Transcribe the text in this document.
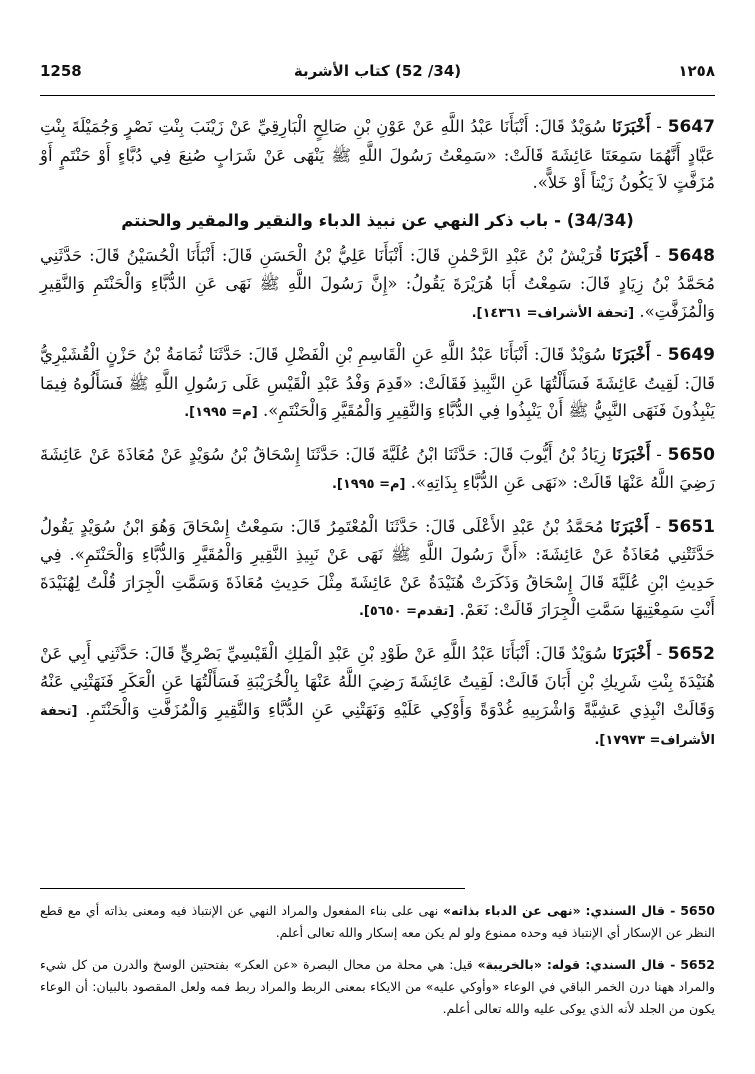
1258	(34/ 52) كتاب الأشربة	١٢٥٨

5647 - أَخْبَرَنَا سُوَيْدٌ قَالَ: أَنْبَأَنَا عَبْدُ اللَّهِ عَنْ عَوْنِ بْنِ صَالِحٍ الْبَارِقِيِّ عَنْ زَيْنَبَ بِنْتِ نَصْرٍ وَجُمَيْلَةَ بِنْتِ عَبَّادٍ أَنَّهُمَا سَمِعَتَا عَائِشَةَ قَالَتْ: «سَمِعْتُ رَسُولَ اللَّهِ ﷺ يَنْهَى عَنْ شَرَابٍ صُنِعَ فِي دُبَّاءٍ أَوْ حَنْتَمٍ أَوْ مُزَفَّتٍ لاَ يَكُونُ زَيْتاً أَوْ خَلاًّ».

(34/34) - باب ذكر النهي عن نبيذ الدباء والنقير والمقير والحنتم

5648 - أَخْبَرَنَا قُرَيْشُ بْنُ عَبْدِ الرَّحْمٰنِ قَالَ: أَنْبَأَنَا عَلِيُّ بْنُ الْحَسَنِ قَالَ: أَنْبَأَنَا الْحُسَيْنُ قَالَ: حَدَّثَنِي مُحَمَّدُ بْنُ زِيَادٍ قَالَ: سَمِعْتُ أَبَا هُرَيْرَةَ يَقُولُ: «إِنَّ رَسُولَ اللَّهِ ﷺ نَهَى عَنِ الدُّبَّاءِ وَالْحَنْتَمِ وَالنَّقِيرِ وَالْمُزَفَّتِ». [تحفة الأشراف= ١٤٣٦١].

5649 - أَخْبَرَنَا سُوَيْدٌ قَالَ: أَنْبَأَنَا عَبْدُ اللَّهِ عَنِ الْقَاسِمِ بْنِ الْفَضْلِ قَالَ: حَدَّثَنَا ثُمَامَةُ بْنُ حَزْنٍ الْقُشَيْرِيُّ قَالَ: لَقِيتُ عَائِشَةَ فَسَأَلْتُهَا عَنِ النَّبِيذِ فَقَالَتْ: «قَدِمَ وَفْدُ عَبْدِ الْقَيْسِ عَلَى رَسُولِ اللَّهِ ﷺ فَسَأَلُوهُ فِيمَا يَنْبِذُونَ فَنَهَى النَّبِيُّ ﷺ أَنْ يَنْبِذُوا فِي الدُّبَّاءِ وَالنَّقِيرِ وَالْمُقَيَّرِ وَالْحَنْتَمِ». [م= ١٩٩٥].

5650 - أَخْبَرَنَا زِيَادُ بْنُ أَيُّوبَ قَالَ: حَدَّثَنَا ابْنُ عُلَيَّةَ قَالَ: حَدَّثَنَا إِسْحَاقُ بْنُ سُوَيْدٍ عَنْ مُعَاذَةَ عَنْ عَائِشَةَ رَضِيَ اللَّهُ عَنْهَا قَالَتْ: «نَهَى عَنِ الدُّبَّاءِ بِذَاتِهِ». [م= ١٩٩٥].

5651 - أَخْبَرَنَا مُحَمَّدُ بْنُ عَبْدِ الأَعْلَى قَالَ: حَدَّثَنَا الْمُعْتَمِرُ قَالَ: سَمِعْتُ إِسْحَاقَ وَهُوَ ابْنُ سُوَيْدٍ يَقُولُ حَدَّثَتْنِي مُعَاذَةُ عَنْ عَائِشَةَ: «أَنَّ رَسُولَ اللَّهِ ﷺ نَهَى عَنْ نَبِيذِ النَّقِيرِ وَالْمُقَيَّرِ وَالدُّبَّاءِ وَالْحَنْتَمِ». فِي حَدِيثِ ابْنِ عُلَيَّةَ قَالَ إِسْحَاقُ وَذَكَرَتْ هُنَيْدَةُ عَنْ عَائِشَةَ مِثْلَ حَدِيثِ مُعَاذَةَ وَسَمَّتِ الْجِرَارَ قُلْتُ لِهُنَيْدَةَ أَنْتِ سَمِعْتِيهَا سَمَّتِ الْجِرَارَ قَالَتْ: نَعَمْ. [تقدم= ٥٦٥٠].

5652 - أَخْبَرَنَا سُوَيْدٌ قَالَ: أَنْبَأَنَا عَبْدُ اللَّهِ عَنْ طَوْدِ بْنِ عَبْدِ الْمَلِكِ الْقَيْسِيِّ بَصْرِيٍّ قَالَ: حَدَّثَنِي أَبِي عَنْ هُنَيْدَةَ بِنْتِ شَرِيكِ بْنِ أَبَانَ قَالَتْ: لَقِيتُ عَائِشَةَ رَضِيَ اللَّهُ عَنْهَا بِالْخُرَيْبَةِ فَسَأَلْتُهَا عَنِ الْعَكَرِ فَنَهَتْنِي عَنْهُ وَقَالَتْ انْبِذِي عَشِيَّةً وَاشْرَبِيهِ غُدْوَةً وَأَوْكِي عَلَيْهِ وَنَهَتْنِي عَنِ الدُّبَّاءِ وَالنَّقِيرِ وَالْمُزَفَّتِ وَالْحَنْتَمِ. [تحفة الأشراف= ١٧٩٧٣].

5650 - قال السندي: «نهى عن الدباء بذاته» نهى على بناء المفعول والمراد النهي عن الإنتباذ فيه ومعنى بذاته أي مع قطع النظر عن الإسكار أي الإنتباذ فيه وحده ممنوع ولو لم يكن معه إسكار والله تعالى أعلم.

5652 - قال السندي: قوله: «بالخريبة» قيل: هي محلة من محال البصرة «عن العكر» بفتحتين الوسخ والدرن من كل شيء والمراد ههنا درن الخمر الباقي في الوعاء «وأوكي عليه» من الايكاء بمعنى الربط والمراد ربط فمه ولعل المقصود بالبيان: أن الوعاء يكون من الجلد لأنه الذي يوكى عليه والله تعالى أعلم.
